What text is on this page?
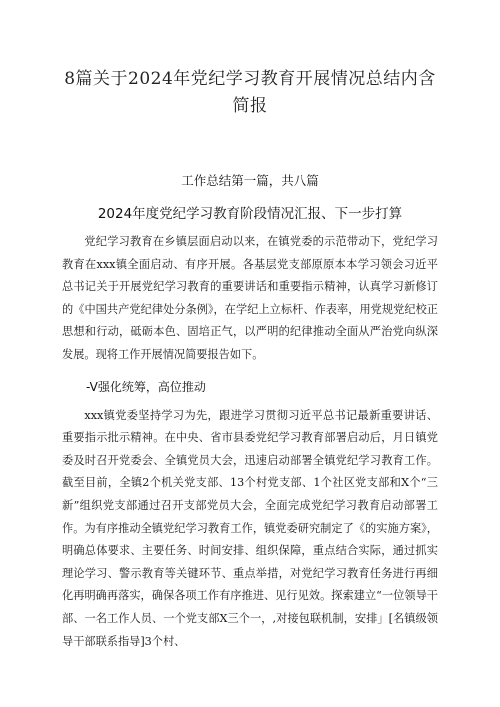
8篇关于2024年党纪学习教育开展情况总结内含简报
工作总结第一篇，共八篇
2024年度党纪学习教育阶段情况汇报、下一步打算

党纪学习教育在乡镇层面启动以来，在镇党委的示范带动下，党纪学习教育在xxx镇全面启动、有序开展。各基层党支部原原本本学习领会习近平总书记关于开展党纪学习教育的重要讲话和重要指示精神，认真学习新修订的《中国共产党纪律处分条例》，在学纪上立标杆、作表率，用党规党纪校正思想和行动，砥砺本色、固培正气，以严明的纪律推动全面从严治党向纵深发展。现将工作开展情况简要报告如下。

-V强化统筹，高位推动

xxx镇党委坚持学习为先，跟进学习贯彻习近平总书记最新重要讲话、重要指示批示精神。在中央、省市县委党纪学习教育部署启动后，月日镇党委及时召开党委会、全镇党员大会，迅速启动部署全镇党纪学习教育工作。截至目前，全镇2个机关党支部、13个村党支部、1个社区党支部和X个“三新”组织党支部通过召开支部党员大会，全面完成党纪学习教育启动部署工作。为有序推动全镇党纪学习教育工作，镇党委研究制定了《的实施方案》，明确总体要求、主要任务、时间安排、组织保障，重点结合实际，通过抓实理论学习、警示教育等关键环节、重点举措，对党纪学习教育任务进行再细化再明确再落实，确保各项工作有序推进、见行见效。探索建立“一位领导干部、一名工作人员、一个党支部X三个一，,对接包联机制，安排」[名镇级领导干部联系指导]3个村、
